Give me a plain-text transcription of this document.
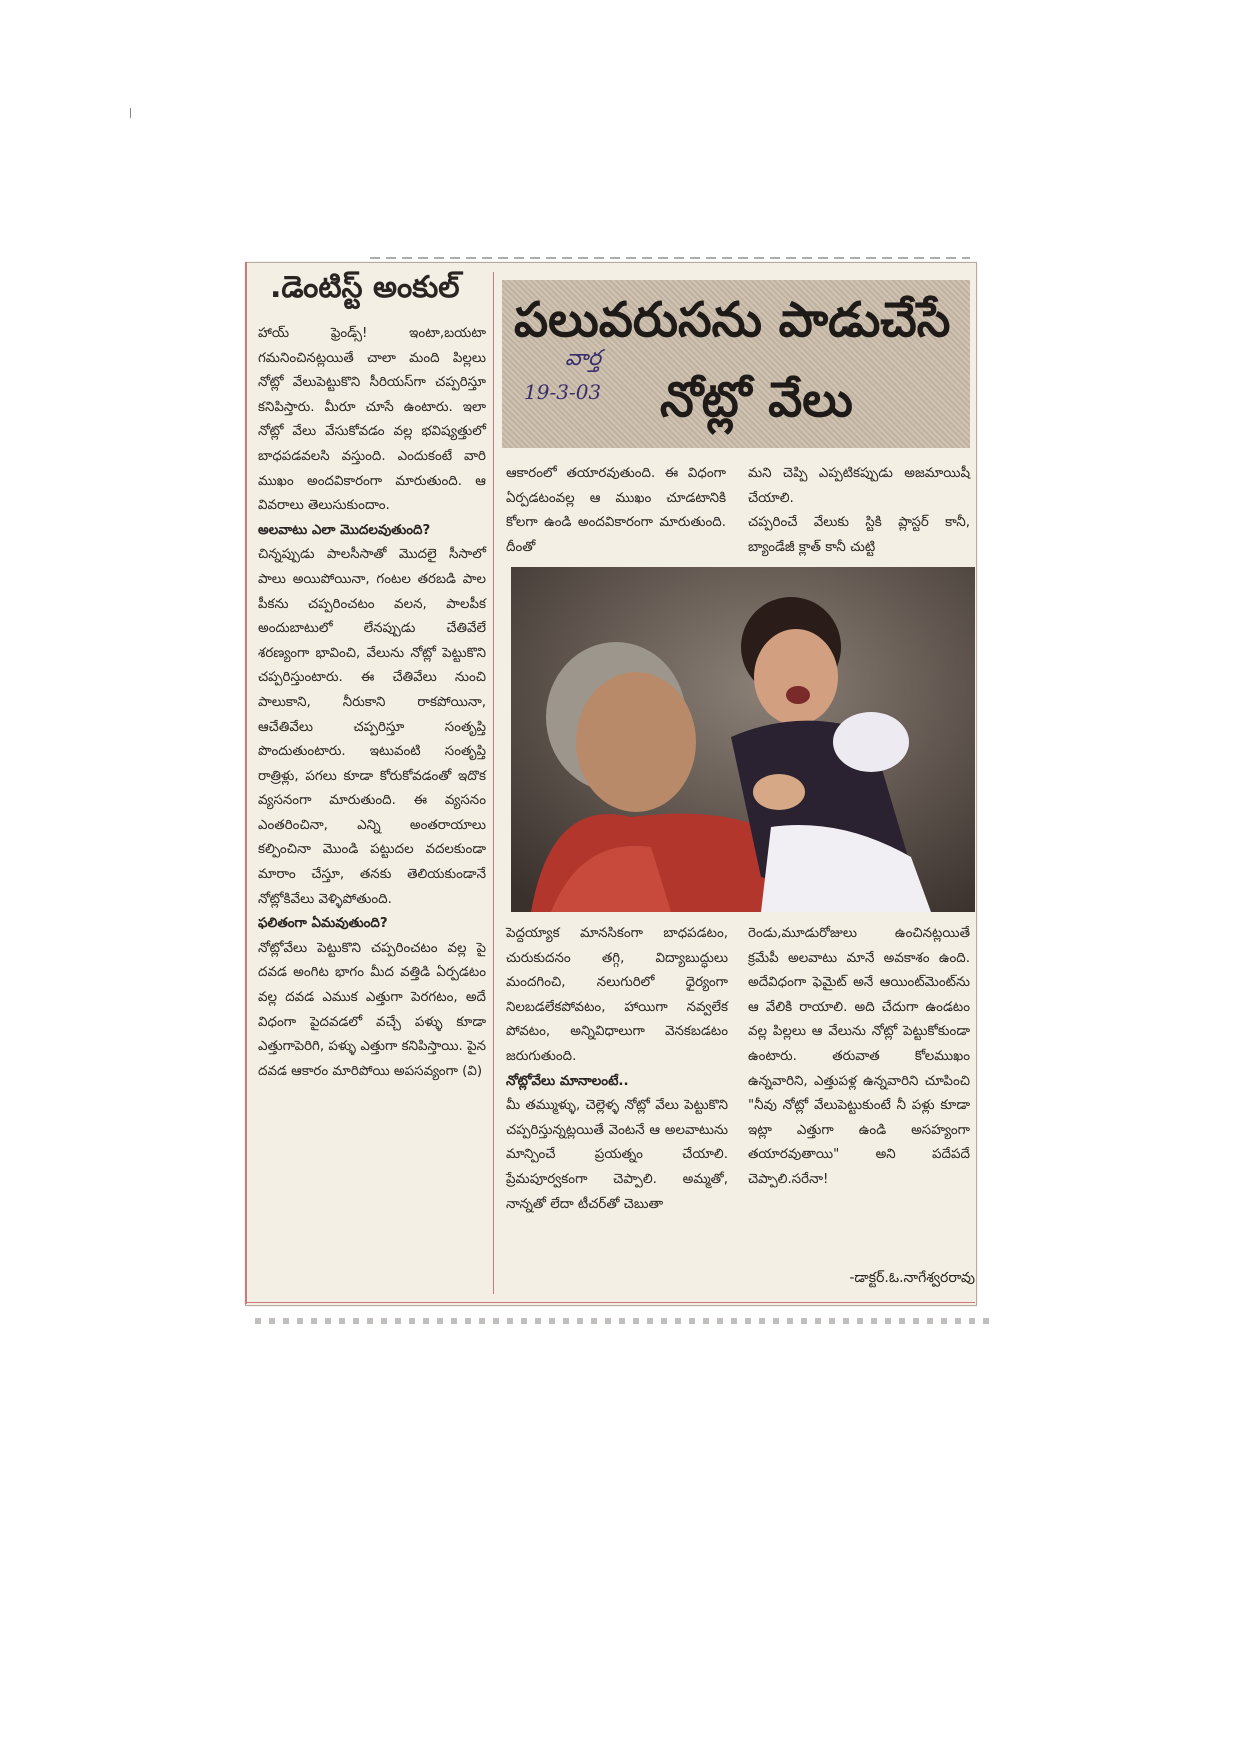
.డెంటిస్ట్ అంకుల్
పలువరుసను పాడుచేసే
నోట్లో వేలు
వార్త
19-3-03

హాయ్ ఫ్రెండ్స్! ఇంటా,బయటా గమనించినట్లయితే చాలా మంది పిల్లలు నోట్లో వేలుపెట్టుకొని సీరియస్‌గా చప్పరిస్తూ కనిపిస్తారు. మీరూ చూసే ఉంటారు. ఇలా నోట్లో వేలు వేసుకోవడం వల్ల భవిష్యత్తులో బాధపడవలసి వస్తుంది. ఎందుకంటే వారి ముఖం అందవికారంగా మారుతుంది. ఆ వివరాలు తెలుసుకుందాం.

అలవాటు ఎలా మొదలవుతుంది?

చిన్నప్పుడు పాలసీసాతో మొదలై సీసాలో పాలు అయిపోయినా, గంటల తరబడి పాల పీకను చప్పరించటం వలన, పాలపీక అందుబాటులో లేనప్పుడు చేతివేలే శరణ్యంగా భావించి, వేలును నోట్లో పెట్టుకొని చప్పరిస్తుంటారు. ఈ చేతివేలు నుంచి పాలుకాని, నీరుకాని రాకపోయినా, ఆచేతివేలు చప్పరిస్తూ సంతృప్తి పొందుతుంటారు. ఇటువంటి సంతృప్తి రాత్రిళ్లు, పగలు కూడా కోరుకోవడంతో ఇదొక వ్యసనంగా మారుతుంది. ఈ వ్యసనం ఎంతరించినా, ఎన్ని అంతరాయాలు కల్పించినా మొండి పట్టుదల వదలకుండా మారాం చేస్తూ, తనకు తెలియకుండానే నోట్లోకివేలు వెళ్ళిపోతుంది.

ఫలితంగా ఏమవుతుంది?

నోట్లోవేలు పెట్టుకొని చప్పరించటం వల్ల పై దవడ అంగిట భాగం మీద వత్తిడి ఏర్పడటం వల్ల దవడ ఎముక ఎత్తుగా పెరగటం, అదే విధంగా పైదవడలో వచ్చే పళ్ళు కూడా ఎత్తుగాపెరిగి, పళ్ళు ఎత్తుగా కనిపిస్తాయి. పైన దవడ ఆకారం మారిపోయి అపసవ్యంగా (వి)

ఆకారంలో తయారవుతుంది. ఈ విధంగా ఏర్పడటంవల్ల ఆ ముఖం చూడటానికి కోలగా ఉండి అందవికారంగా మారుతుంది. దీంతో

మని చెప్పి ఎప్పటికప్పుడు అజమాయిషీ చేయాలి.

చప్పరించే వేలుకు స్టికి ప్లాస్టర్ కానీ, బ్యాండేజీ క్లాత్ కానీ చుట్టి

పెద్దయ్యాక మానసికంగా బాధపడటం, చురుకుదనం తగ్గి, విద్యాబుద్ధులు మందగించి, నలుగురిలో ధైర్యంగా నిలబడలేకపోవటం, హాయిగా నవ్వలేక పోవటం, అన్నివిధాలుగా వెనకబడటం జరుగుతుంది.

నోట్లోవేలు మానాలంటే..

మీ తమ్ముళ్ళు, చెల్లెళ్ళ నోట్లో వేలు పెట్టుకొని చప్పరిస్తున్నట్లయితే వెంటనే ఆ అలవాటును మాన్పించే ప్రయత్నం చేయాలి. ప్రేమపూర్వకంగా చెప్పాలి. అమ్మతో, నాన్నతో లేదా టీచర్‌తో చెబుతా

రెండు,మూడురోజులు ఉంచినట్లయితే క్రమేపీ అలవాటు మానే అవకాశం ఉంది. అదేవిధంగా ఫెమైట్ అనే ఆయింట్‌మెంట్‌ను ఆ వేలికి రాయాలి. అది చేదుగా ఉండటం వల్ల పిల్లలు ఆ వేలును నోట్లో పెట్టుకోకుండా ఉంటారు. తరువాత కోలముఖం ఉన్నవారిని, ఎత్తుపళ్ల ఉన్నవారిని చూపించి "నీవు నోట్లో వేలుపెట్టుకుంటే నీ పళ్లు కూడా ఇట్లా ఎత్తుగా ఉండి అసహ్యంగా తయారవుతాయి" అని పదేపదే చెప్పాలి.సరేనా!

-డాక్టర్.ఓ.నాగేశ్వరరావు
